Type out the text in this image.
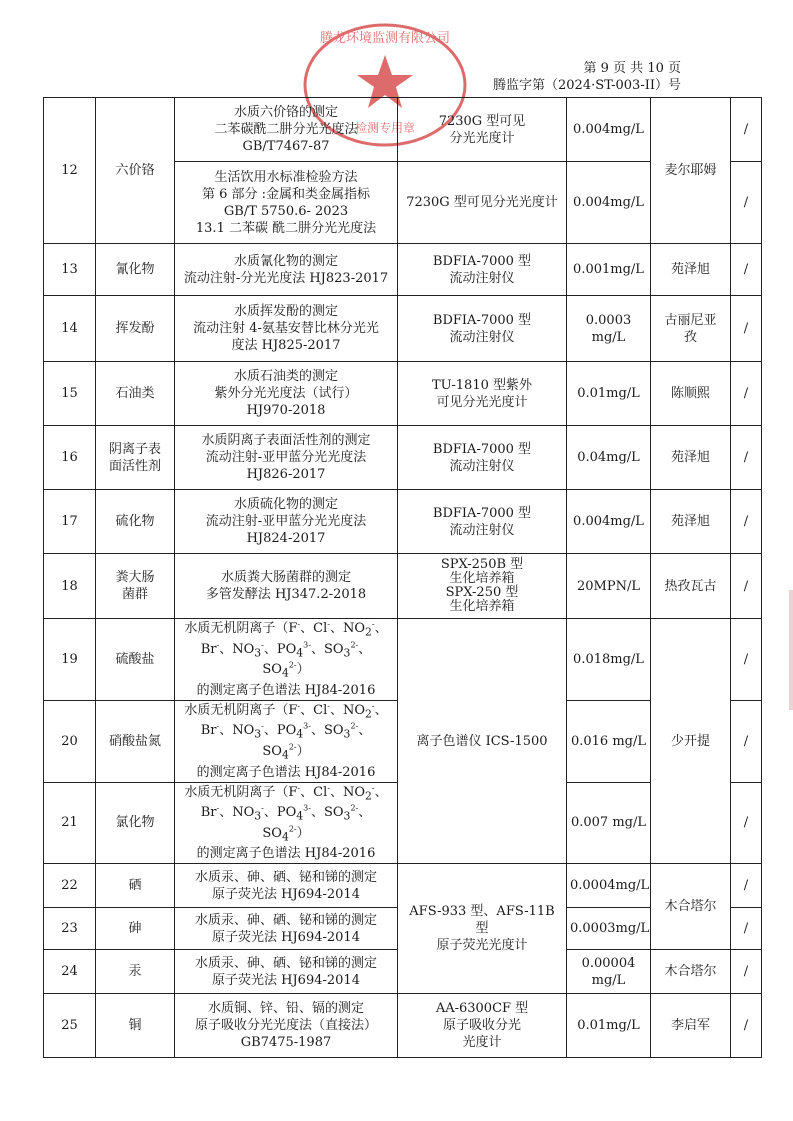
第 9 页 共 10 页
腾监字第（2024·ST-003-II）号
腾龙环境监测有限公司
检测专用章
12	六价铬	水质六价铬的测定
二苯碳酰二肼分光光度法
GB/T7467-87	7230G 型可见
分光光度计	0.004mg/L	麦尔耶姆	/

		生活饮用水标准检验方法
第 6 部分 :金属和类金属指标
GB/T 5750.6- 2023
13.1 二苯碳 酰二肼分光光度法	7230G 型可见分光光度计	0.004mg/L		/
13	氰化物	水质氰化物的测定
流动注射-分光光度法 HJ823-2017	BDFIA-7000 型
流动注射仪	0.001mg/L	苑泽旭	/
14	挥发酚	水质挥发酚的测定
流动注射 4-氨基安替比林分光光
度法 HJ825-2017	BDFIA-7000 型
流动注射仪	0.0003 mg/L	古丽尼亚
孜	/
15	石油类	水质石油类的测定
紫外分光光度法（试行）
HJ970-2018	TU-1810 型紫外
可见分光光度计	0.01mg/L	陈顺熙	/
16	阴离子表
面活性剂	水质阴离子表面活性剂的测定
流动注射-亚甲蓝分光光度法
HJ826-2017	BDFIA-7000 型
流动注射仪	0.04mg/L	苑泽旭	/
17	硫化物	水质硫化物的测定
流动注射-亚甲蓝分光光度法
HJ824-2017	BDFIA-7000 型
流动注射仪	0.004mg/L	苑泽旭	/
18	粪大肠
菌群	水质粪大肠菌群的测定
多管发酵法 HJ347.2-2018	SPX-250B 型
生化培养箱
SPX-250 型
生化培养箱	20MPN/L	热孜瓦古	/
19	硫酸盐	水质无机阴离子（F-、Cl-、$NO_2^-$、
Br-、$NO_3^-$、$PO_4^{3-}$、$SO_3^{2-}$、$SO_4^{2-}$）
的测定离子色谱法 HJ84-2016	离子色谱仪 ICS-1500	0.018mg/L	少开提	/
20	硝酸盐氮	水质无机阴离子（F-、Cl-、$NO_2^-$、
Br-、$NO_3^-$、$PO_4^{3-}$、$SO_3^{2-}$、$SO_4^{2-}$）
的测定离子色谱法 HJ84-2016		0.016 mg/L		/
21	氯化物	水质无机阴离子（F-、Cl-、$NO_2^-$、
Br-、$NO_3^-$、$PO_4^{3-}$、$SO_3^{2-}$、$SO_4^{2-}$）
的测定离子色谱法 HJ84-2016		0.007 mg/L		/
22	硒	水质汞、砷、硒、铋和锑的测定
原子荧光法 HJ694-2014	AFS-933 型、AFS-11B 型
原子荧光光度计	0.0004mg/L	木合塔尔	/
23	砷	水质汞、砷、硒、铋和锑的测定
原子荧光法 HJ694-2014		0.0003mg/L		/
24	汞	水质汞、砷、硒、铋和锑的测定
原子荧光法 HJ694-2014		0.00004
mg/L	木合塔尔	/
25	铜	水质铜、锌、铅、镉的测定
原子吸收分光光度法（直接法）
GB7475-1987	AA-6300CF 型
原子吸收分光
光度计	0.01mg/L	李启军	/
